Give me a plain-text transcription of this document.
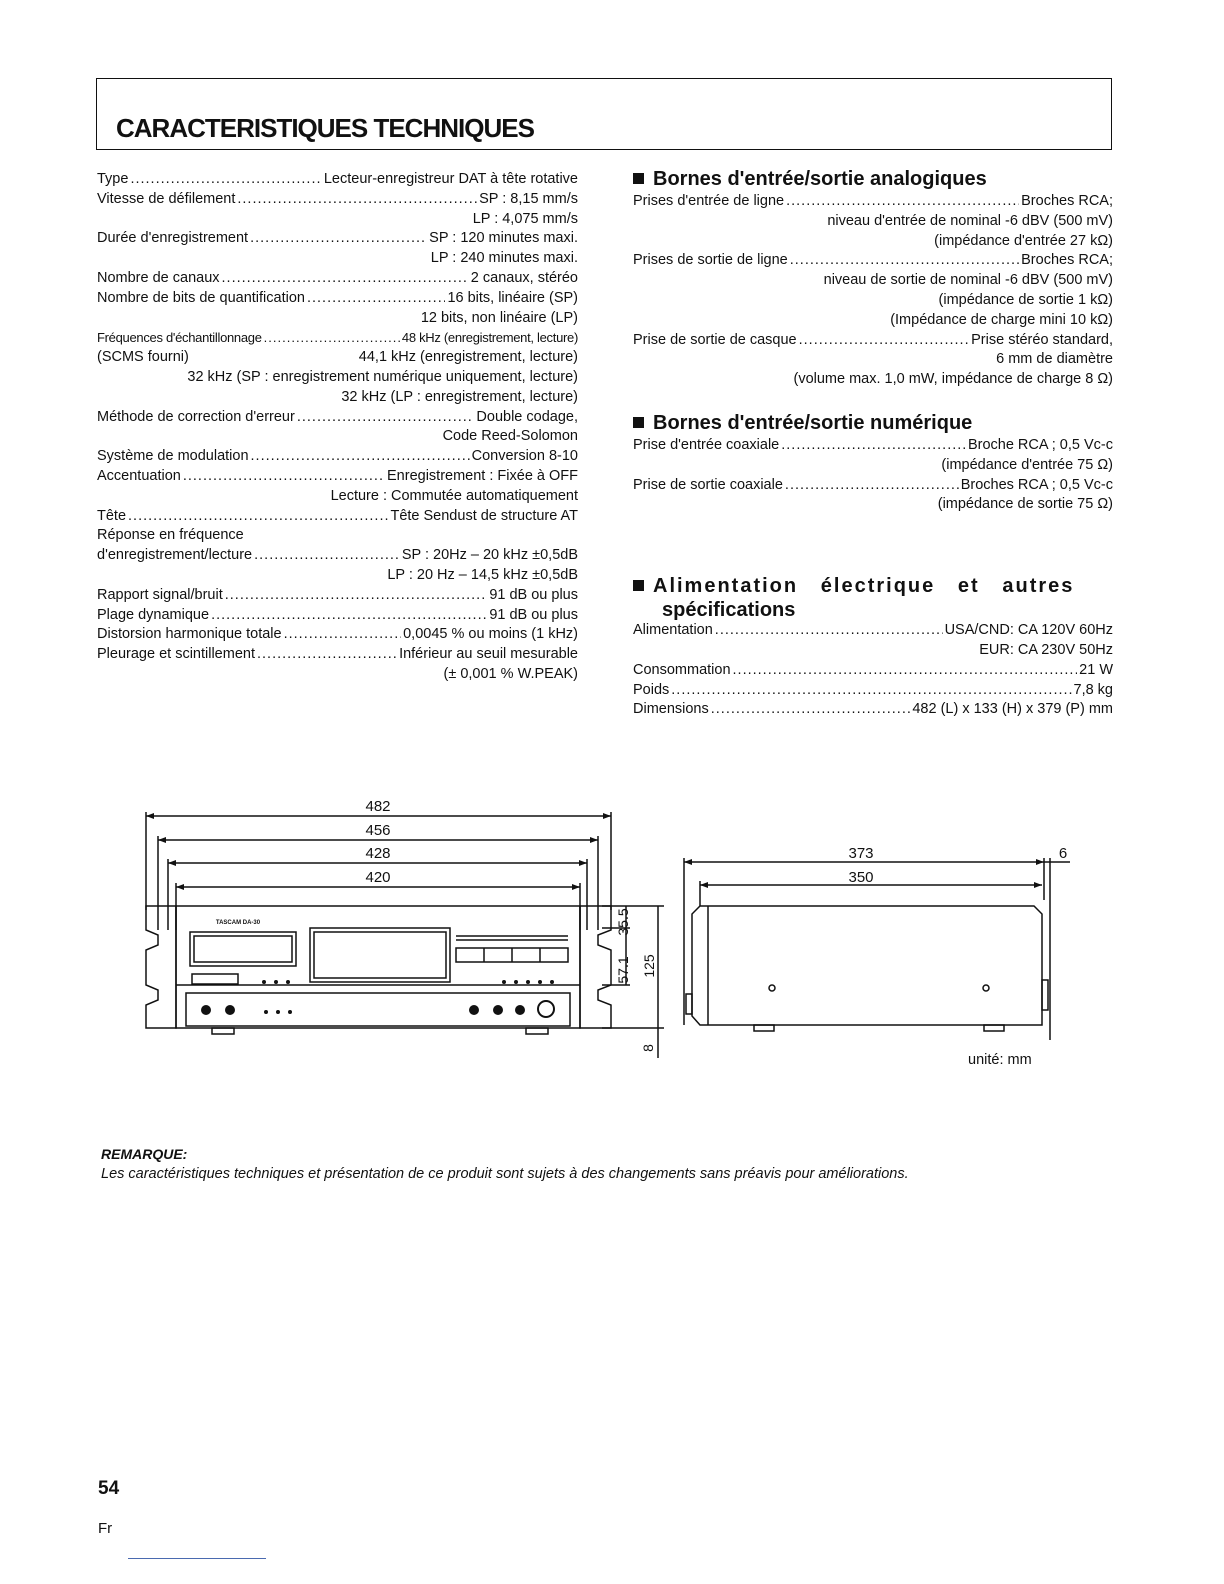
CARACTERISTIQUES TECHNIQUES
Type .....	Lecteur-enregistreur DAT à tête rotative
Vitesse de défilement .....	SP : 8,15 mm/s
LP : 4,075 mm/s
Durée d'enregistrement .....	SP : 120 minutes maxi.
LP : 240 minutes maxi.
Nombre de canaux .....	2 canaux, stéréo
Nombre de bits de quantification .....	16 bits, linéaire (SP)
12 bits, non linéaire (LP)
Fréquences d'échantillonnage .....	48 kHz (enregistrement, lecture)
(SCMS fourni)	44,1 kHz (enregistrement, lecture)
32 kHz (SP : enregistrement numérique uniquement, lecture)
32 kHz (LP : enregistrement, lecture)
Méthode de correction d'erreur .....	Double codage,
Code Reed-Solomon
Système de modulation .....	Conversion 8-10
Accentuation .....	Enregistrement : Fixée à OFF
Lecture : Commutée automatiquement
Tête .....	Tête Sendust de structure AT
Réponse en fréquence
d'enregistrement/lecture .....	SP : 20Hz – 20 kHz ±0,5dB
LP : 20 Hz – 14,5 kHz ±0,5dB
Rapport signal/bruit .....	91 dB ou plus
Plage dynamique .....	91 dB ou plus
Distorsion harmonique totale .....	0,0045 % ou moins (1 kHz)
Pleurage et scintillement .....	Inférieur au seuil mesurable
(± 0,001 % W.PEAK)
Bornes d'entrée/sortie analogiques
Prises d'entrée de ligne .....	Broches RCA;
niveau d'entrée de nominal -6 dBV (500 mV)
(impédance d'entrée 27 kΩ)
Prises de sortie de ligne .....	Broches RCA;
niveau de sortie de nominal -6 dBV (500 mV)
(impédance de sortie 1 kΩ)
(Impédance de charge mini 10 kΩ)
Prise de sortie de casque .....	Prise stéréo standard,
6 mm de diamètre
(volume max. 1,0 mW, impédance de charge 8 Ω)
Bornes d'entrée/sortie numérique
Prise d'entrée coaxiale .....	Broche RCA ; 0,5 Vc-c
(impédance d'entrée 75 Ω)
Prise de sortie coaxiale .....	Broches RCA ; 0,5 Vc-c
(impédance de sortie 75 Ω)
Alimentation   électrique   et   autres
spécifications
Alimentation .....	USA/CND: CA 120V 60Hz
EUR: CA 230V 50Hz
Consommation .....	21 W
Poids .....	7,8 kg
Dimensions .....	482 (L) x 133 (H) x 379 (P) mm
482
456
428
420
373
350
6
35.5
57.1 125
8
TASCAM DA-30
unité: mm
REMARQUE:
Les caractéristiques techniques et présentation de ce produit sont sujets à des changements sans préavis pour améliorations.
54
Fr
